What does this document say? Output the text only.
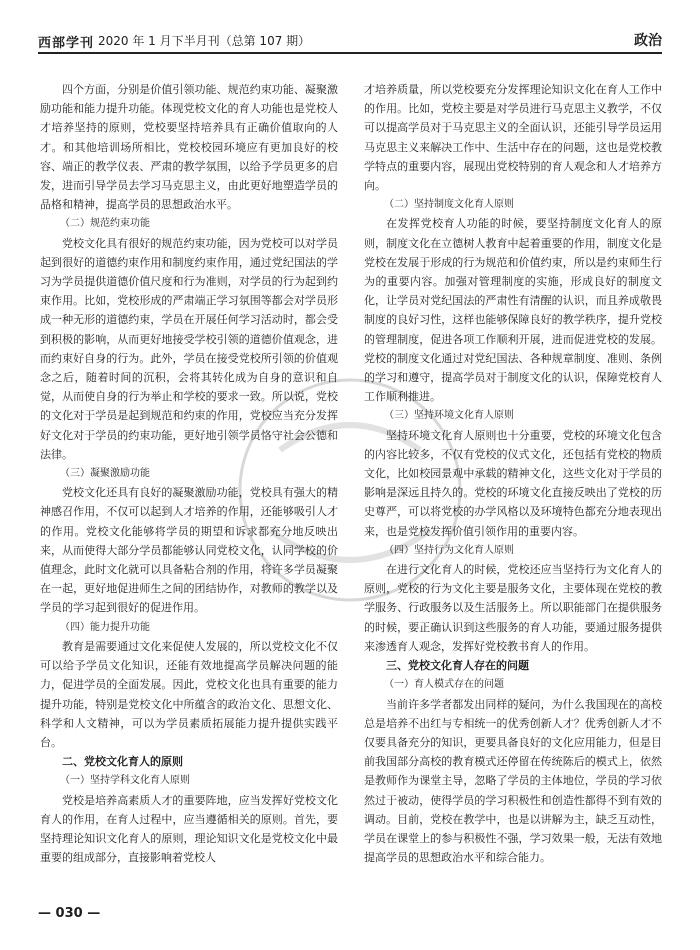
西部学刊 2020 年 1 月下半月刊（总第 107 期）	政治

四个方面，分别是价值引领功能、规范约束功能、凝聚激励功能和能力提升功能。体现党校文化的育人功能也是党校人才培养坚持的原则，党校要坚持培养具有正确价值取向的人才。和其他培训场所相比，党校校园环境应有更加良好的校容、端正的教学仪表、严肃的教学氛围，以给予学员更多的启发，进而引导学员去学习马克思主义，由此更好地塑造学员的品格和精神，提高学员的思想政治水平。

（二）规范约束功能

党校文化具有很好的规范约束功能，因为党校可以对学员起到很好的道德约束作用和制度约束作用，通过党纪国法的学习为学员提供道德价值尺度和行为准则，对学员的行为起到约束作用。比如，党校形成的严肃端正学习氛围等都会对学员形成一种无形的道德约束，学员在开展任何学习活动时，都会受到积极的影响，从而更好地接受学校引领的道德价值观念，进而约束好自身的行为。此外，学员在接受党校所引领的价值观念之后，随着时间的沉积，会将其转化成为自身的意识和自觉，从而使自身的行为举止和学校的要求一致。所以说，党校的文化对于学员是起到规范和约束的作用，党校应当充分发挥好文化对于学员的约束功能，更好地引领学员恪守社会公德和法律。

（三）凝聚激励功能

党校文化还具有良好的凝聚激励功能，党校具有强大的精神感召作用，不仅可以起到人才培养的作用，还能够吸引人才的作用。党校文化能够将学员的期望和诉求都充分地反映出来，从而使得大部分学员都能够认同党校文化，认同学校的价值理念，此时文化就可以具备粘合剂的作用，将许多学员凝聚在一起，更好地促进师生之间的团结协作，对教师的教学以及学员的学习起到很好的促进作用。

（四）能力提升功能

教育是需要通过文化来促使人发展的，所以党校文化不仅可以给予学员文化知识，还能有效地提高学员解决问题的能力，促进学员的全面发展。因此，党校文化也具有重要的能力提升功能，特别是党校文化中所蕴含的政治文化、思想文化、科学和人文精神，可以为学员素质拓展能力提升提供实践平台。

二、党校文化育人的原则

（一）坚持学科文化育人原则

党校是培养高素质人才的重要阵地，应当发挥好党校文化育人的作用，在育人过程中，应当遵循相关的原则。首先，要坚持理论知识文化育人的原则，理论知识文化是党校文化中最重要的组成部分，直接影响着党校人

才培养质量，所以党校要充分发挥理论知识文化在育人工作中的作用。比如，党校主要是对学员进行马克思主义教学，不仅可以提高学员对于马克思主义的全面认识，还能引导学员运用马克思主义来解决工作中、生活中存在的问题，这也是党校教学特点的重要内容，展现出党校特别的育人观念和人才培养方向。

（二）坚持制度文化育人原则

在发挥党校育人功能的时候，要坚持制度文化育人的原则，制度文化在立德树人教育中起着重要的作用，制度文化是党校在发展于形成的行为规范和价值约束，所以是约束师生行为的重要内容。加强对管理制度的实施，形成良好的制度文化，让学员对党纪国法的严肃性有清醒的认识，而且养成敬畏制度的良好习性，这样也能够保障良好的教学秩序，提升党校的管理制度，促进各项工作顺利开展，进而促进党校的发展。党校的制度文化通过对党纪国法、各种规章制度、准则、条例的学习和遵守，提高学员对于制度文化的认识，保障党校育人工作顺利推进。

（三）坚持环境文化育人原则

坚持环境文化育人原则也十分重要，党校的环境文化包含的内容比较多，不仅有党校的仪式文化，还包括有党校的物质文化，比如校园景观中承载的精神文化，这些文化对于学员的影响是深远且持久的。党校的环境文化直接反映出了党校的历史尊严，可以将党校的办学风格以及环境特色都充分地表现出来，也是党校发挥价值引领作用的重要内容。

（四）坚持行为文化育人原则

在进行文化育人的时候，党校还应当坚持行为文化育人的原则，党校的行为文化主要是服务文化，主要体现在党校的教学服务、行政服务以及生活服务上。所以职能部门在提供服务的时候，要正确认识到这些服务的育人功能，要通过服务提供来渗透育人观念，发挥好党校教书育人的作用。

三、党校文化育人存在的问题

（一）育人模式存在的问题

当前许多学者都发出同样的疑问，为什么我国现在的高校总是培养不出红与专相统一的优秀创新人才？优秀创新人才不仅要具备充分的知识，更要具备良好的文化应用能力，但是目前我国部分高校的教育模式还停留在传统陈后的模式上，依然是教师作为课堂主导，忽略了学员的主体地位，学员的学习依然过于被动，使得学员的学习积极性和创造性都得不到有效的调动。目前，党校在教学中，也是以讲解为主，缺乏互动性，学员在课堂上的参与积极性不强，学习效果一般，无法有效地提高学员的思想政治水平和综合能力。

— 030 —
